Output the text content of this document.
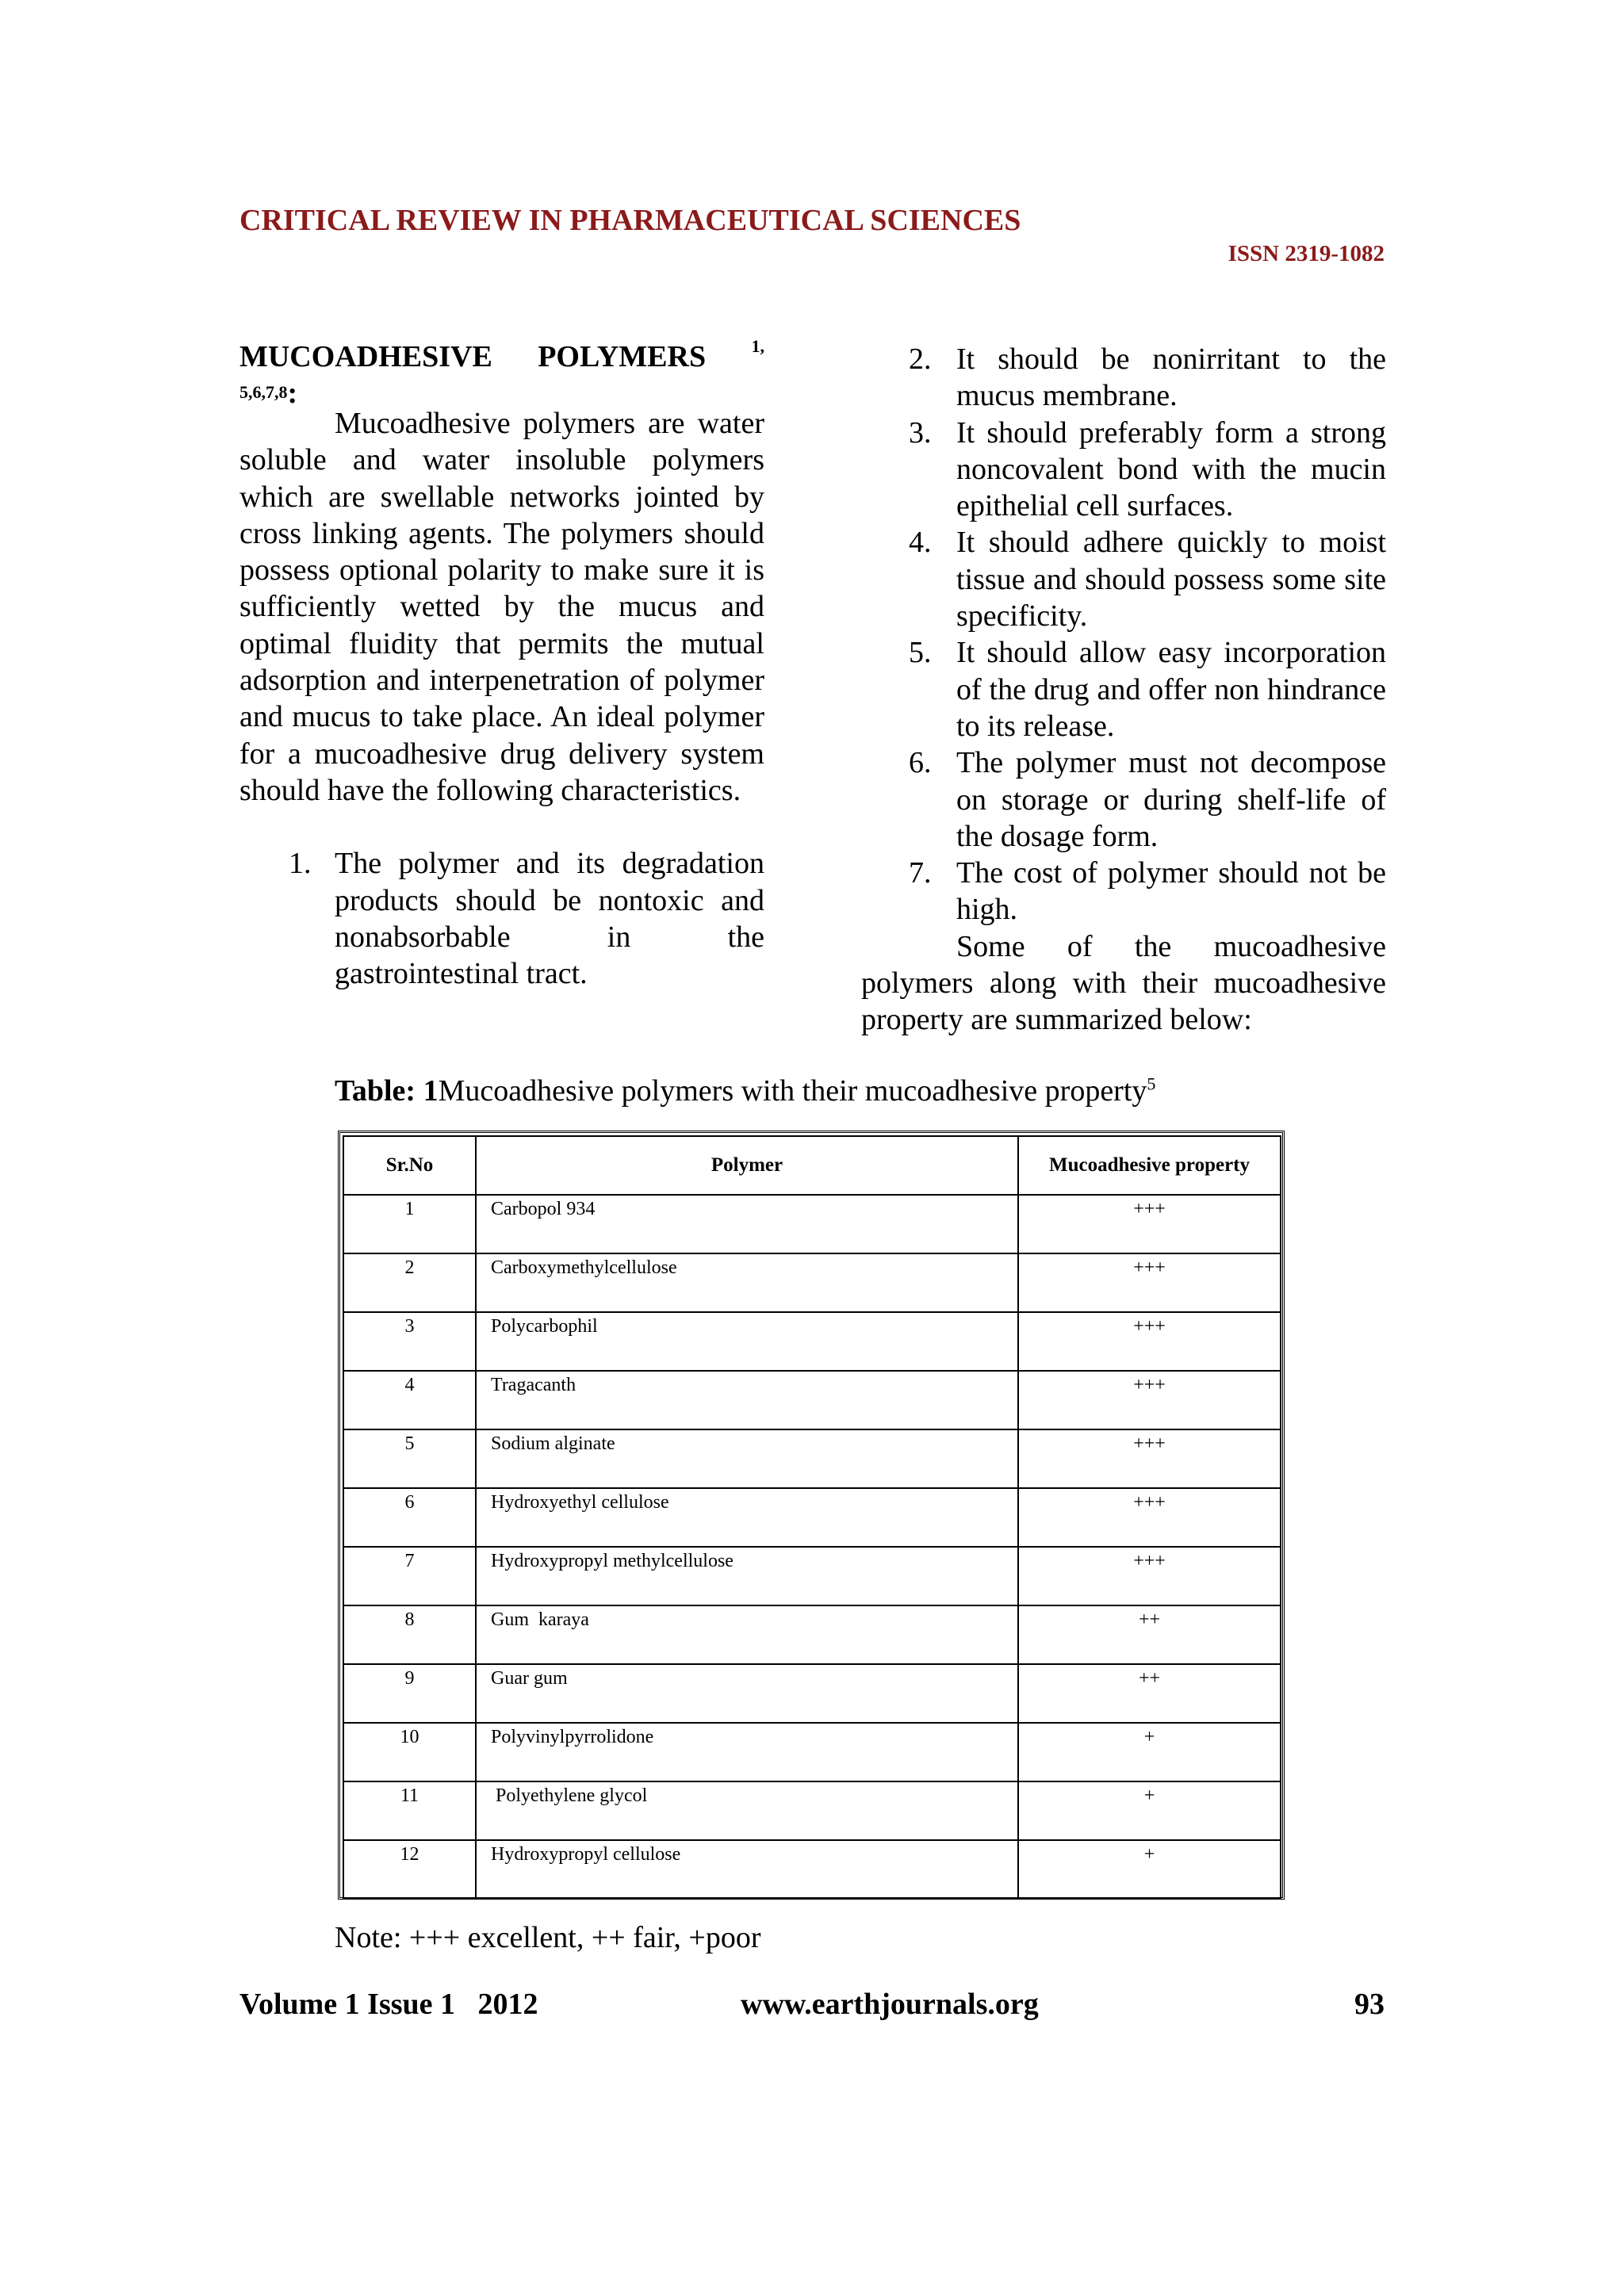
CRITICAL REVIEW IN PHARMACEUTICAL SCIENCES
ISSN 2319-1082
MUCOADHESIVE POLYMERS	$^{1,}$
5,6,7,8:

Mucoadhesive polymers are water soluble and water insoluble polymers which are swellable networks jointed by cross linking agents. The polymers should possess optional polarity to make sure it is sufficiently wetted by the mucus and optimal fluidity that permits the mutual adsorption and interpenetration of polymer and mucus to take place. An ideal polymer for a mucoadhesive drug delivery system should have the following characteristics.

1. The polymer and its degradation products should be nontoxic and nonabsorbable in the gastrointestinal tract.
2. It should be nonirritant to the mucus membrane.
3. It should preferably form a strong noncovalent bond with the mucin epithelial cell surfaces.
4. It should adhere quickly to moist tissue and should possess some site specificity.
5. It should allow easy incorporation of the drug and offer non hindrance to its release.
6. The polymer must not decompose on storage or during shelf-life of the dosage form.
7. The cost of polymer should not be high.

Some of the mucoadhesive polymers along with their mucoadhesive property are summarized below:

Table: 1Mucoadhesive polymers with their mucoadhesive property$^5$
Sr.No	Polymer	Mucoadhesive property
1	Carbopol 934	+++
2	Carboxymethylcellulose	+++
3	Polycarbophil	+++
4	Tragacanth	+++
5	Sodium alginate	+++
6	Hydroxyethyl cellulose	+++
7	Hydroxypropyl methylcellulose	+++
8	Gum  karaya	++
9	Guar gum	++
10	Polyvinylpyrrolidone	+
11	Polyethylene glycol	+
12	Hydroxypropyl cellulose	+
Note: +++ excellent, ++ fair, +poor
Volume 1 Issue 1   2012	www.earthjournals.org	93
